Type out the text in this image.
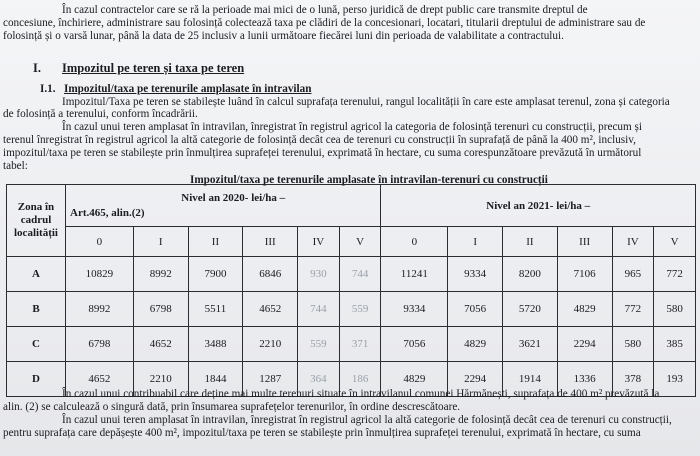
În cazul contractelor care se ră la perioade mai mici de o lună, perso juridică de drept public care transmite dreptul de
concesiune, închiriere, administrare sau folosință colectează taxa pe clădiri de la concesionari, locatari, titularii dreptului de administrare sau de
folosință și o varsă lunar, până la data de 25 inclusiv a lunii următoare fiecărei luni din perioada de valabilitate a contractului.
I. Impozitul pe teren și taxa pe teren
I.1. Impozitul/taxa pe terenurile amplasate în intravilan
Impozitul/Taxa pe teren se stabilește luând în calcul suprafața terenului, rangul localității în care este amplasat terenul, zona și categoria
de folosință a terenului, conform încadrării.
În cazul unui teren amplasat în intravilan, înregistrat în registrul agricol la categoria de folosință terenuri cu construcții, precum și
terenul înregistrat în registrul agricol la altă categorie de folosință decât cea de terenuri cu construcții în suprafață de până la 400 m², inclusiv,
impozitul/taxa pe teren se stabilește prin înmulțirea suprafeței terenului, exprimată în hectare, cu suma corespunzătoare prevăzută în următorul
tabel:
Impozitul/taxa pe terenurile amplasate în intravilan-terenuri cu construcții
Zona în
cadrul
localității	Art.465, alin.(2)
Nivel an 2020- lei/ha –						Nivel an 2021- lei/ha –					
	0	I	II	III	IV	V	0	I	II	III	IV	V
A	10829	8992	7900	6846	930	744	11241	9334	8200	7106	965	772
B	8992	6798	5511	4652	744	559	9334	7056	5720	4829	772	580
C	6798	4652	3488	2210	559	371	7056	4829	3621	2294	580	385
D	4652	2210	1844	1287	364	186	4829	2294	1914	1336	378	193
În cazul unui contribuabil care deține mai multe terenuri situate în intravilanul comunei Hărmănești, suprafața de 400 m² prevăzută la
alin. (2) se calculează o singură dată, prin însumarea suprafețelor terenurilor, în ordine descrescătoare.
În cazul unui teren amplasat în intravilan, înregistrat în registrul agricol la altă categorie de folosință decât cea de terenuri cu construcții,
pentru suprafața care depășește 400 m², impozitul/taxa pe teren se stabilește prin înmulțirea suprafeței terenului, exprimată în hectare, cu suma
